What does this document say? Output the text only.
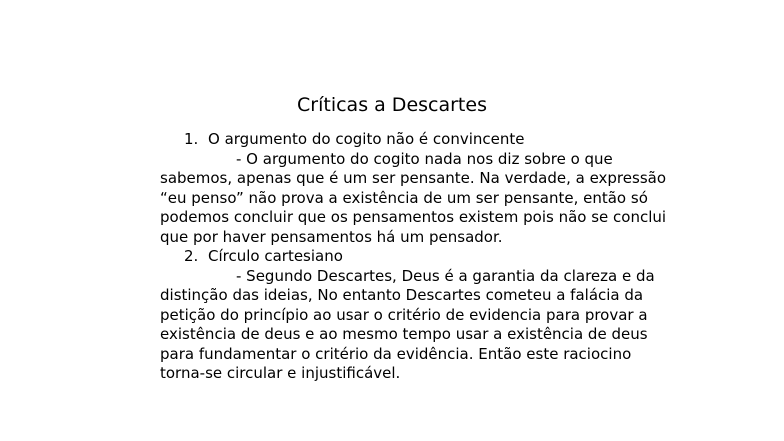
Críticas a Descartes
1. O argumento do cogito não é convincente

- O argumento do cogito nada nos diz sobre o que sabemos, apenas que é um ser pensante. Na verdade, a expressão “eu penso” não prova a existência de um ser pensante, então só podemos concluir que os pensamentos existem pois não se conclui que por haver pensamentos há um pensador.

2. Círculo cartesiano

- Segundo Descartes, Deus é a garantia da clareza e da distinção das ideias, No entanto Descartes cometeu a falácia da petição do princípio ao usar o critério de evidencia para provar a existência de deus e ao mesmo tempo usar a existência de deus para fundamentar o critério da evidência. Então este raciocino torna-se circular e injustificável.
